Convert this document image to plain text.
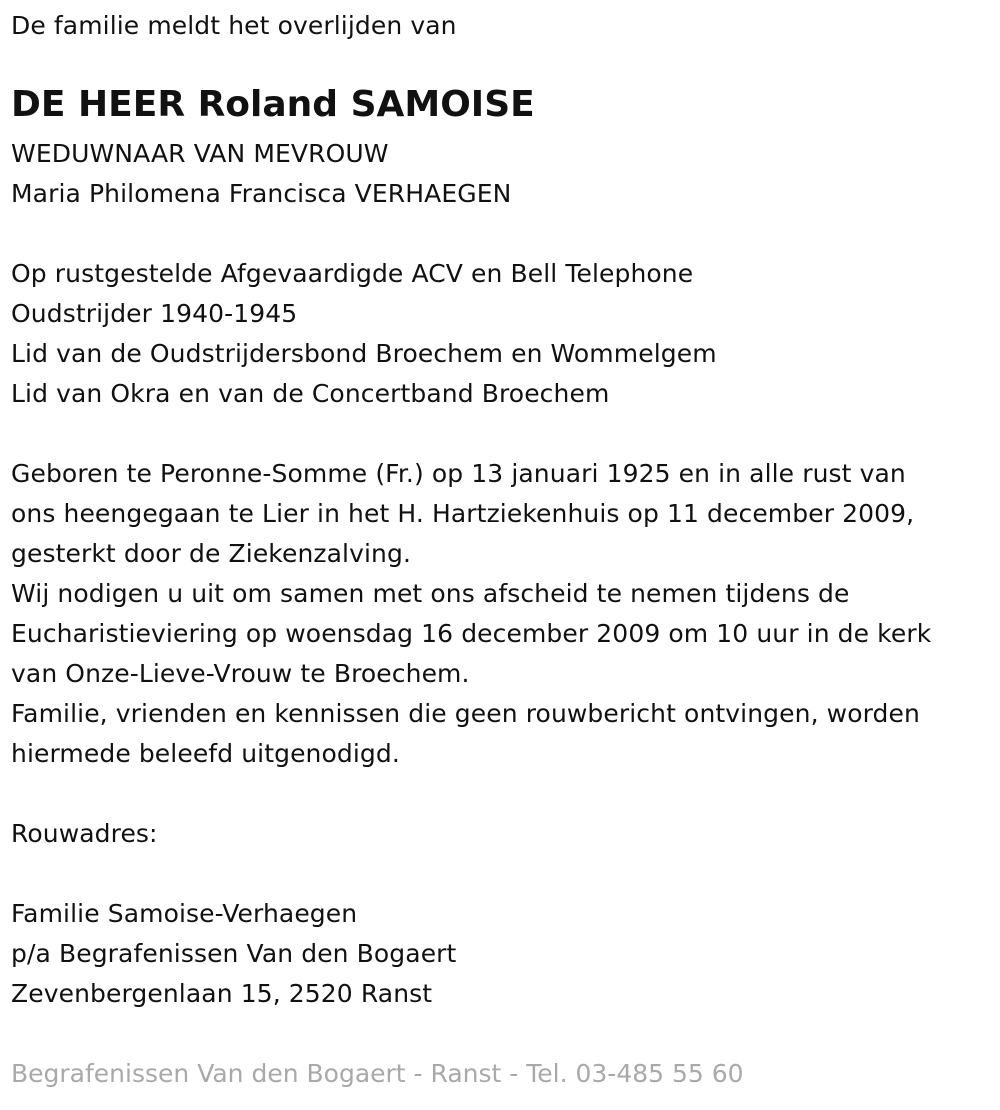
De familie meldt het overlijden van
DE HEER Roland SAMOISE
WEDUWNAAR VAN MEVROUW
Maria Philomena Francisca VERHAEGEN
Op rustgestelde Afgevaardigde ACV en Bell Telephone
Oudstrijder 1940-1945
Lid van de Oudstrijdersbond Broechem en Wommelgem
Lid van Okra en van de Concertband Broechem
Geboren te Peronne-Somme (Fr.) op 13 januari 1925 en in alle rust van
ons heengegaan te Lier in het H. Hartziekenhuis op 11 december 2009,
gesterkt door de Ziekenzalving.
Wij nodigen u uit om samen met ons afscheid te nemen tijdens de
Eucharistieviering op woensdag 16 december 2009 om 10 uur in de kerk
van Onze-Lieve-Vrouw te Broechem.
Familie, vrienden en kennissen die geen rouwbericht ontvingen, worden
hiermede beleefd uitgenodigd.
Rouwadres:
Familie Samoise-Verhaegen
p/a Begrafenissen Van den Bogaert
Zevenbergenlaan 15, 2520 Ranst
Begrafenissen Van den Bogaert - Ranst - Tel. 03-485 55 60
